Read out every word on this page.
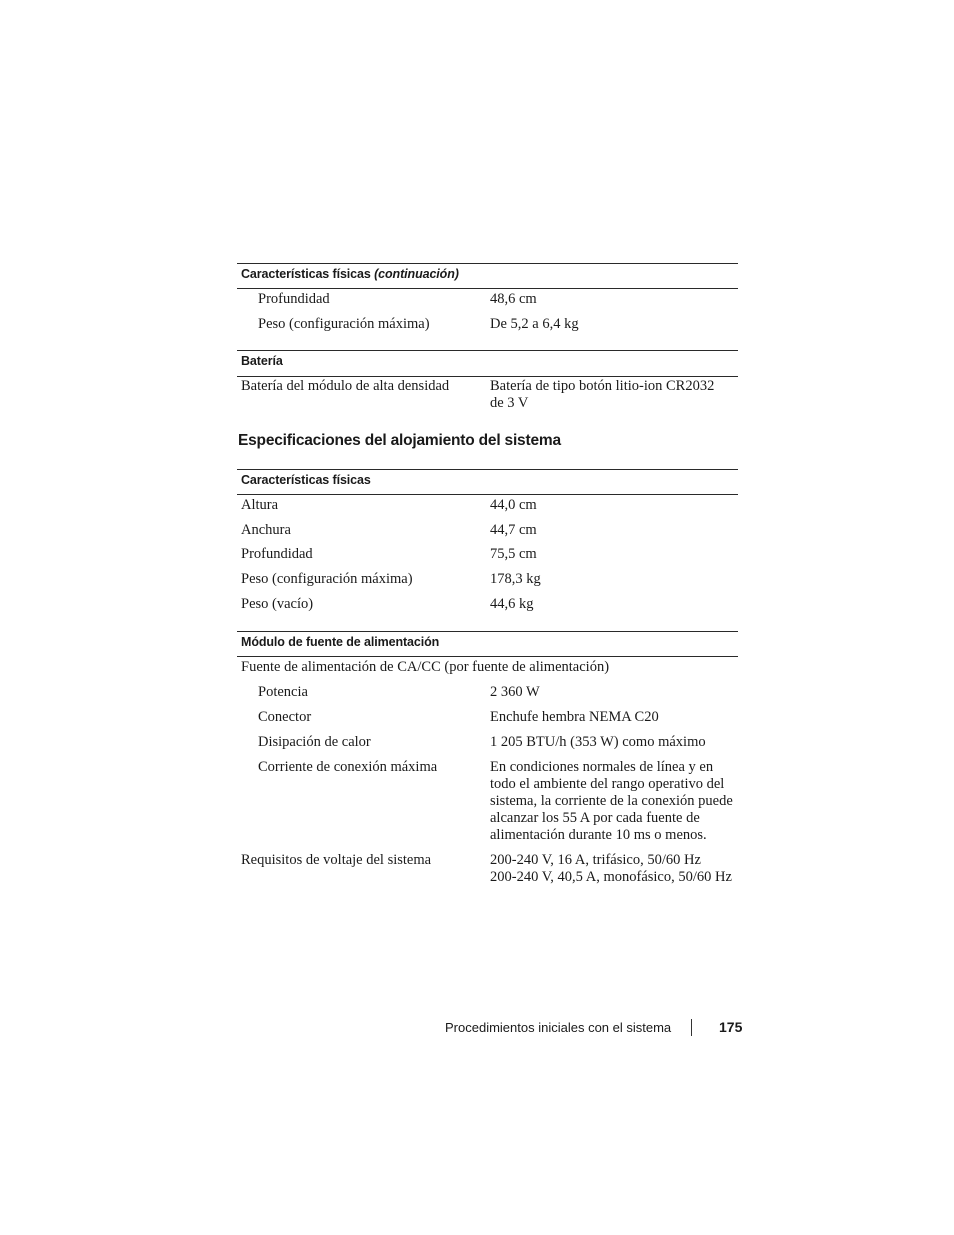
Características físicas (continuación)
Profundidad	48,6 cm
Peso (configuración máxima)	De 5,2 a 6,4 kg
Batería
Batería del módulo de alta densidad	Batería de tipo botón litio-ion CR2032
de 3 V
Especificaciones del alojamiento del sistema
Características físicas
Altura	44,0 cm
Anchura	44,7 cm
Profundidad	75,5 cm
Peso (configuración máxima)	178,3 kg
Peso (vacío)	44,6 kg
Módulo de fuente de alimentación
Fuente de alimentación de CA/CC (por fuente de alimentación)
Potencia	2 360 W
Conector	Enchufe hembra NEMA C20
Disipación de calor	1 205 BTU/h (353 W) como máximo
Corriente de conexión máxima	En condiciones normales de línea y en
todo el ambiente del rango operativo del
sistema, la corriente de la conexión puede
alcanzar los 55 A por cada fuente de
alimentación durante 10 ms o menos.
Requisitos de voltaje del sistema	200-240 V, 16 A, trifásico, 50/60 Hz
200-240 V, 40,5 A, monofásico, 50/60 Hz
Procedimientos iniciales con el sistema	175
